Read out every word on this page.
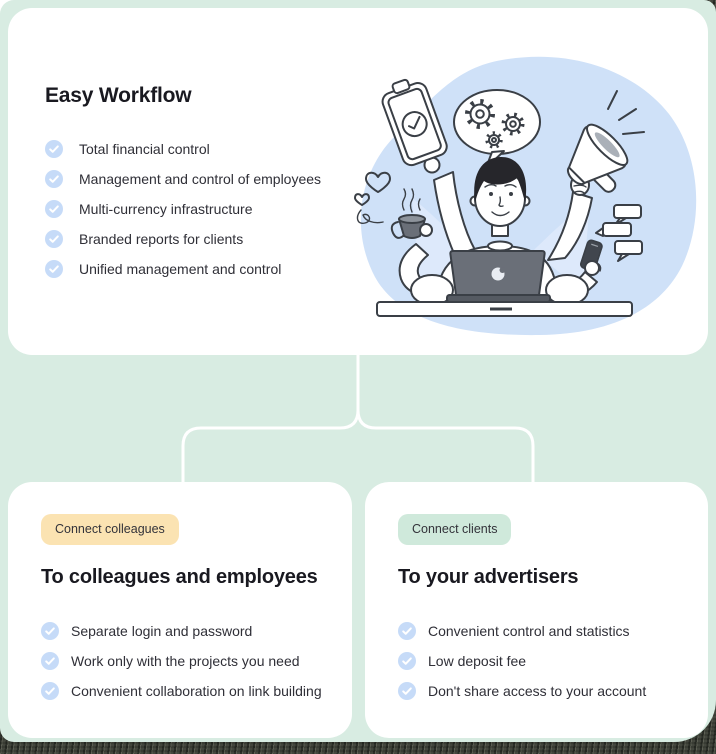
Easy Workflow
Total financial control
Management and control of employees
Multi-currency infrastructure
Branded reports for clients
Unified management and control
Connect colleagues
To colleagues and employees
Separate login and password
Work only with the projects you need
Convenient collaboration on link building
Connect clients
To your advertisers
Convenient control and statistics
Low deposit fee
Don't share access to your account
